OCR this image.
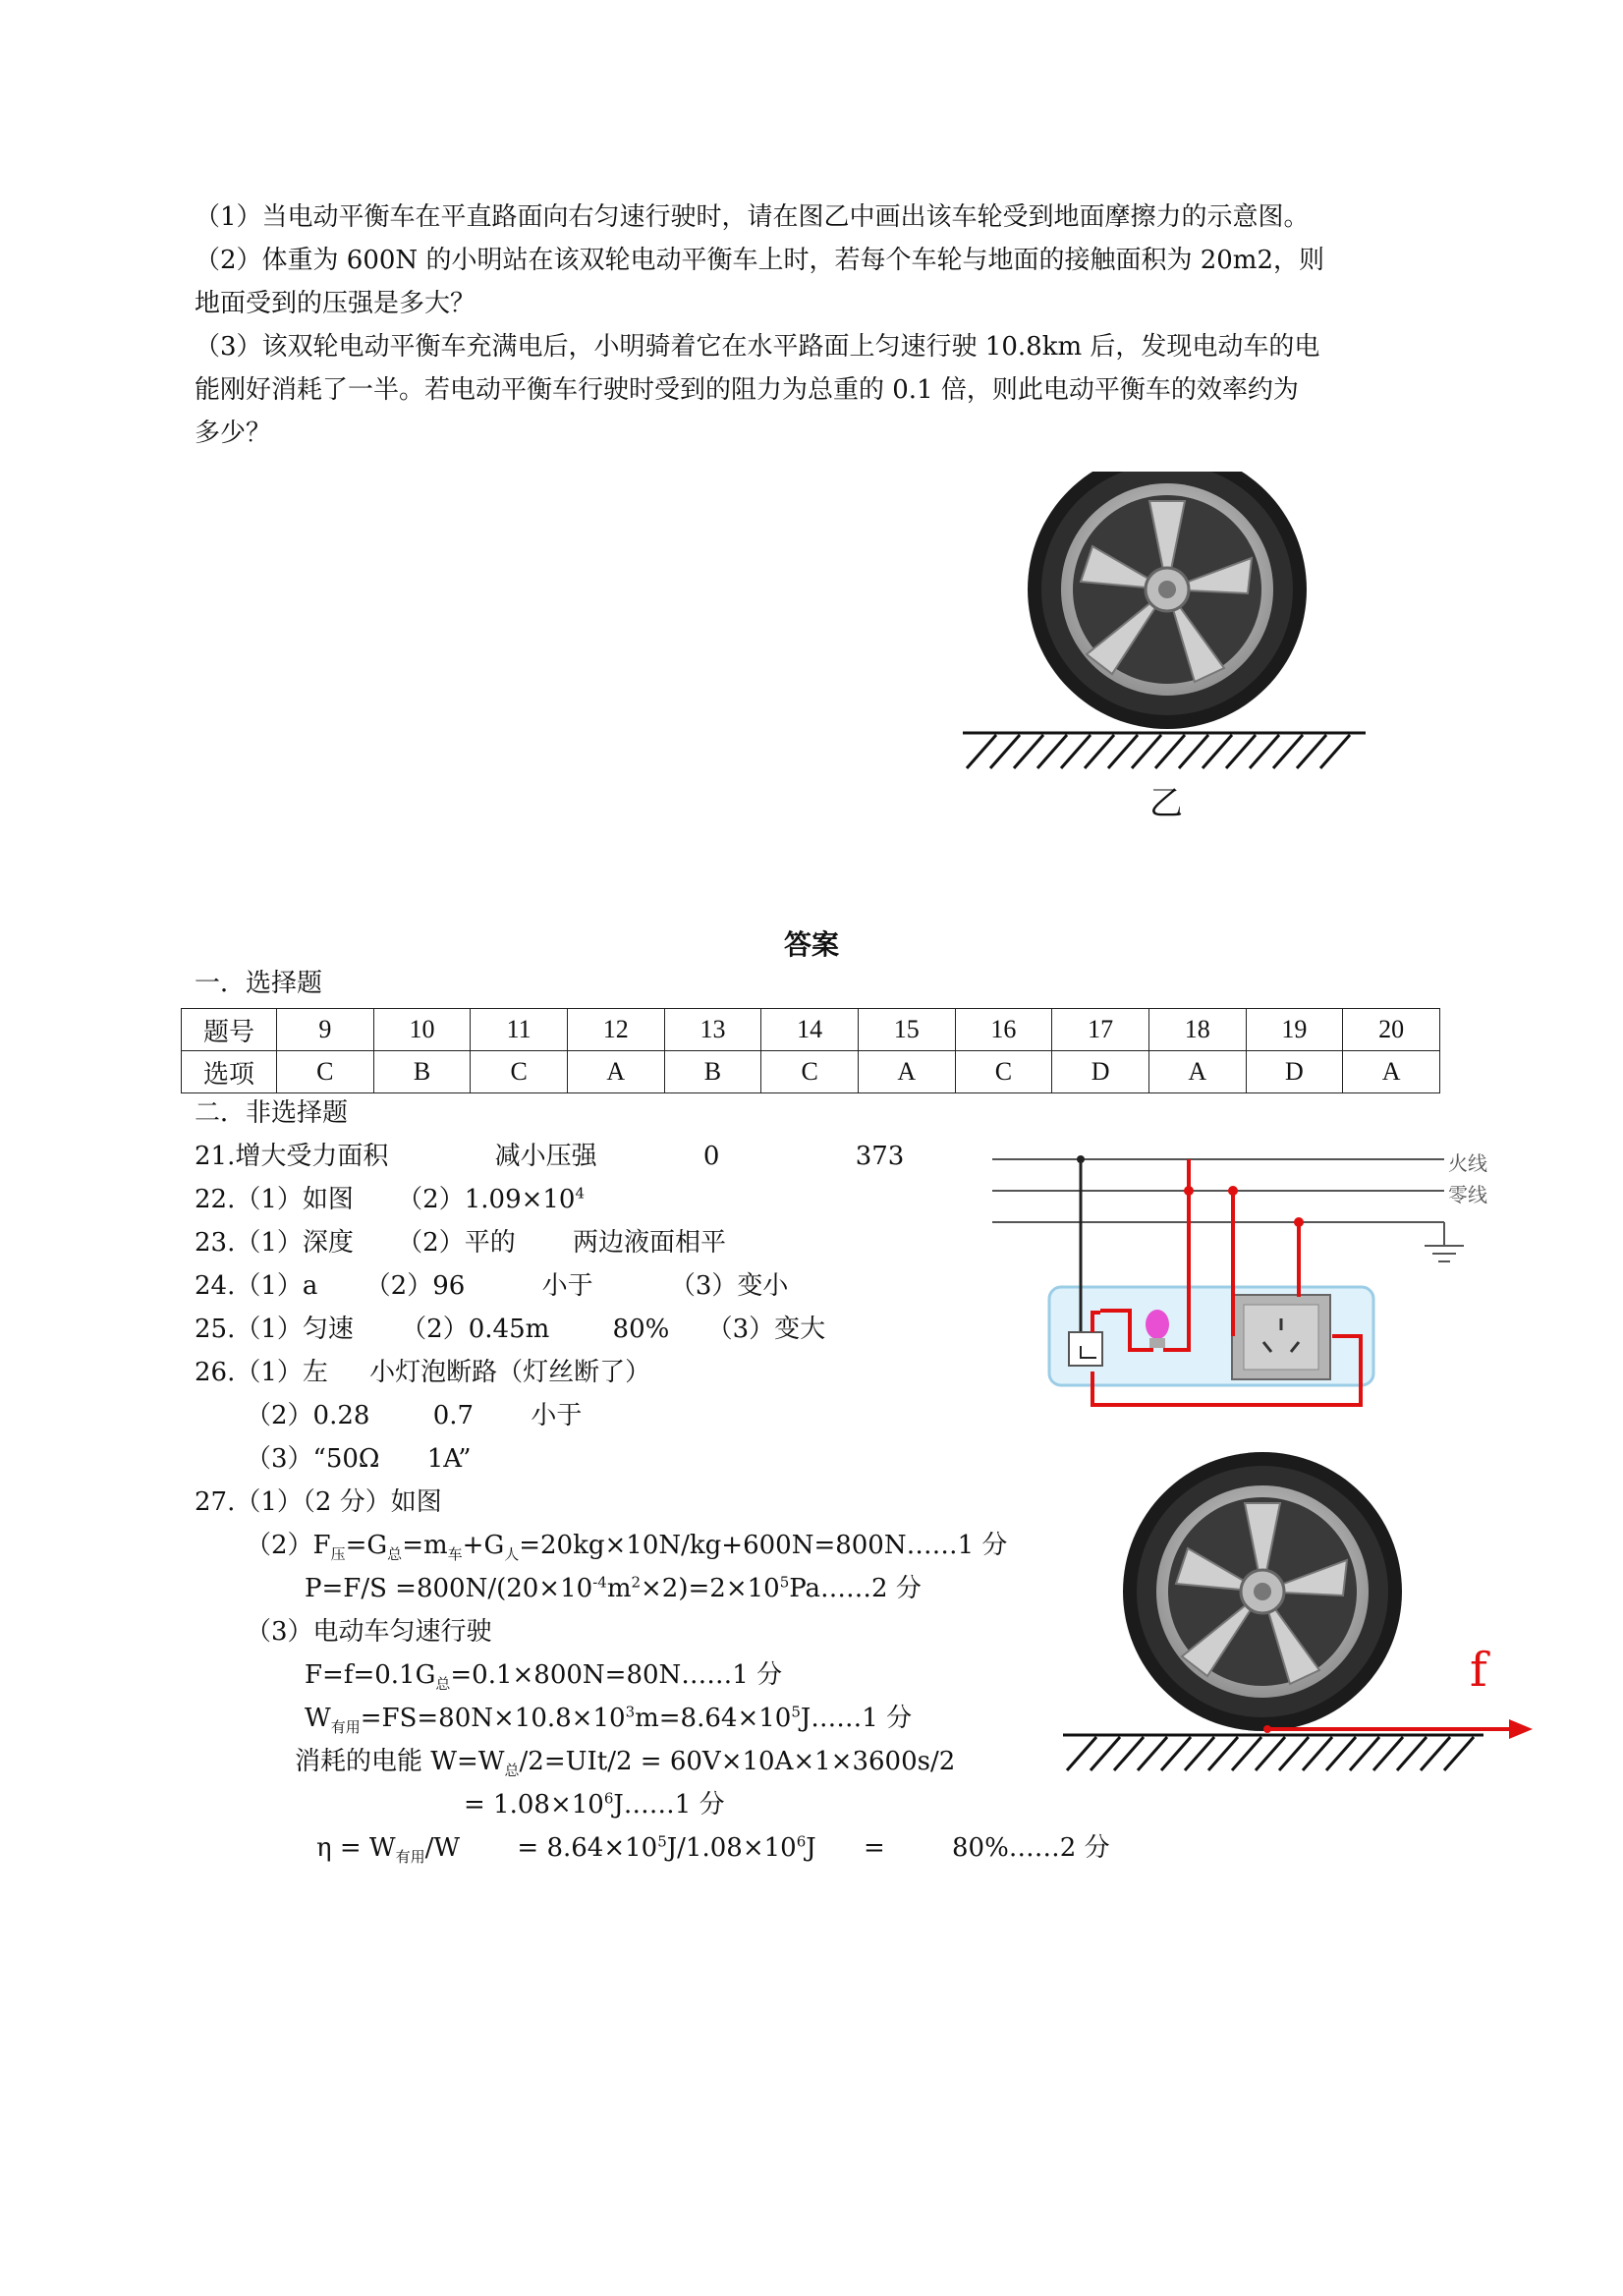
（1）当电动平衡车在平直路面向右匀速行驶时，请在图乙中画出该车轮受到地面摩擦力的示意图。
（2）体重为 600N 的小明站在该双轮电动平衡车上时，若每个车轮与地面的接触面积为 20m2，则
地面受到的压强是多大？
（3）该双轮电动平衡车充满电后，小明骑着它在水平路面上匀速行驶 10.8km 后，发现电动车的电
能刚好消耗了一半。若电动平衡车行驶时受到的阻力为总重的 0.1 倍，则此电动平衡车的效率约为
多少？
乙
答案
一．选择题
题号	9	10	11	12	13	14	15	16	17	18	19	20
选项	C	B	C	A	B	C	A	C	D	A	D	A
二．非选择题
21.增大受力面积	减小压强	0	373
22.（1）如图 $(2)1.09\times 10^4$
23.（1）深度 （2）平的 两边液面相平
24.（1）a （2）96	小于	（3）变小
25.（1）匀速 （2）0.45m 80% （3）变大
26.（1）左 小灯泡断路（灯丝断了）
（2）0.28 0.7 小于
（3）“50Ω 1A”
27.（1）（2 分）如图
$(2)F_压=G_总=m_车+G_人=20kg\times 10N/kg+600N=800N\dots\dots 1$ 分
$P=F/S =800N/(20\times 10^{-4}m^2\times 2)=2\times 10^5Pa\dots\dots 2$ 分
（3）电动车匀速行驶
$F=f=0.1G_总=0.1\times 800N=80N\dots\dots 1$ 分
$W_{有用}=FS=80N\times 10.8\times 10^3m=8.64\times 10^5J\dots\dots 1$ 分
消耗的电能 $W=W_总/2=UIt/2 = 60V\times 10A\times 1\times 3600s/2$
= $1.08\times 10^6J\dots\dots 1$ 分
$\eta = W_{有用}/W = 8.64\times 10^5J/1.08\times 10^6J$ =	80%……2 分
火线
零线
f
